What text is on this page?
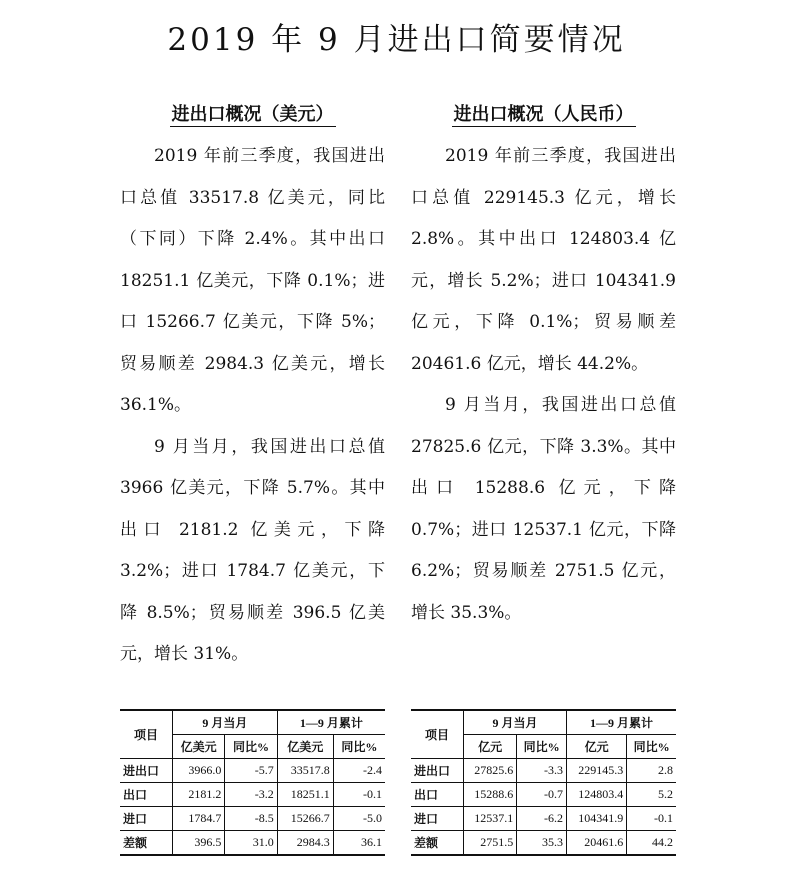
2019 年 9 月进出口简要情况
进出口概况（美元）

2019 年前三季度，我国进出口总值 33517.8 亿美元，同比（下同）下降 2.4%。其中出口 18251.1 亿美元，下降 0.1%；进口 15266.7 亿美元，下降 5%；贸易顺差 2984.3 亿美元，增长 36.1%。

9 月当月，我国进出口总值 3966 亿美元，下降 5.7%。其中出口 2181.2 亿美元，下降 3.2%；进口 1784.7 亿美元，下降 8.5%；贸易顺差 396.5 亿美元，增长 31%。

进出口概况（人民币）

2019 年前三季度，我国进出口总值 229145.3 亿元，增长 2.8%。其中出口 124803.4 亿元，增长 5.2%；进口 104341.9 亿元，下降 0.1%；贸易顺差 20461.6 亿元，增长 44.2%。

9 月当月，我国进出口总值 27825.6 亿元，下降 3.3%。其中出口 15288.6 亿元，下降 0.7%；进口 12537.1 亿元，下降 6.2%；贸易顺差 2751.5 亿元，增长 35.3%。

项目	9 月当月		1—9 月累计	
	亿美元	同比%	亿美元	同比%
进出口	3966.0	-5.7	33517.8	-2.4
出口	2181.2	-3.2	18251.1	-0.1
进口	1784.7	-8.5	15266.7	-5.0
差额	396.5	31.0	2984.3	36.1
项目	9 月当月		1—9 月累计	
	亿元	同比%	亿元	同比%
进出口	27825.6	-3.3	229145.3	2.8
出口	15288.6	-0.7	124803.4	5.2
进口	12537.1	-6.2	104341.9	-0.1
差额	2751.5	35.3	20461.6	44.2
